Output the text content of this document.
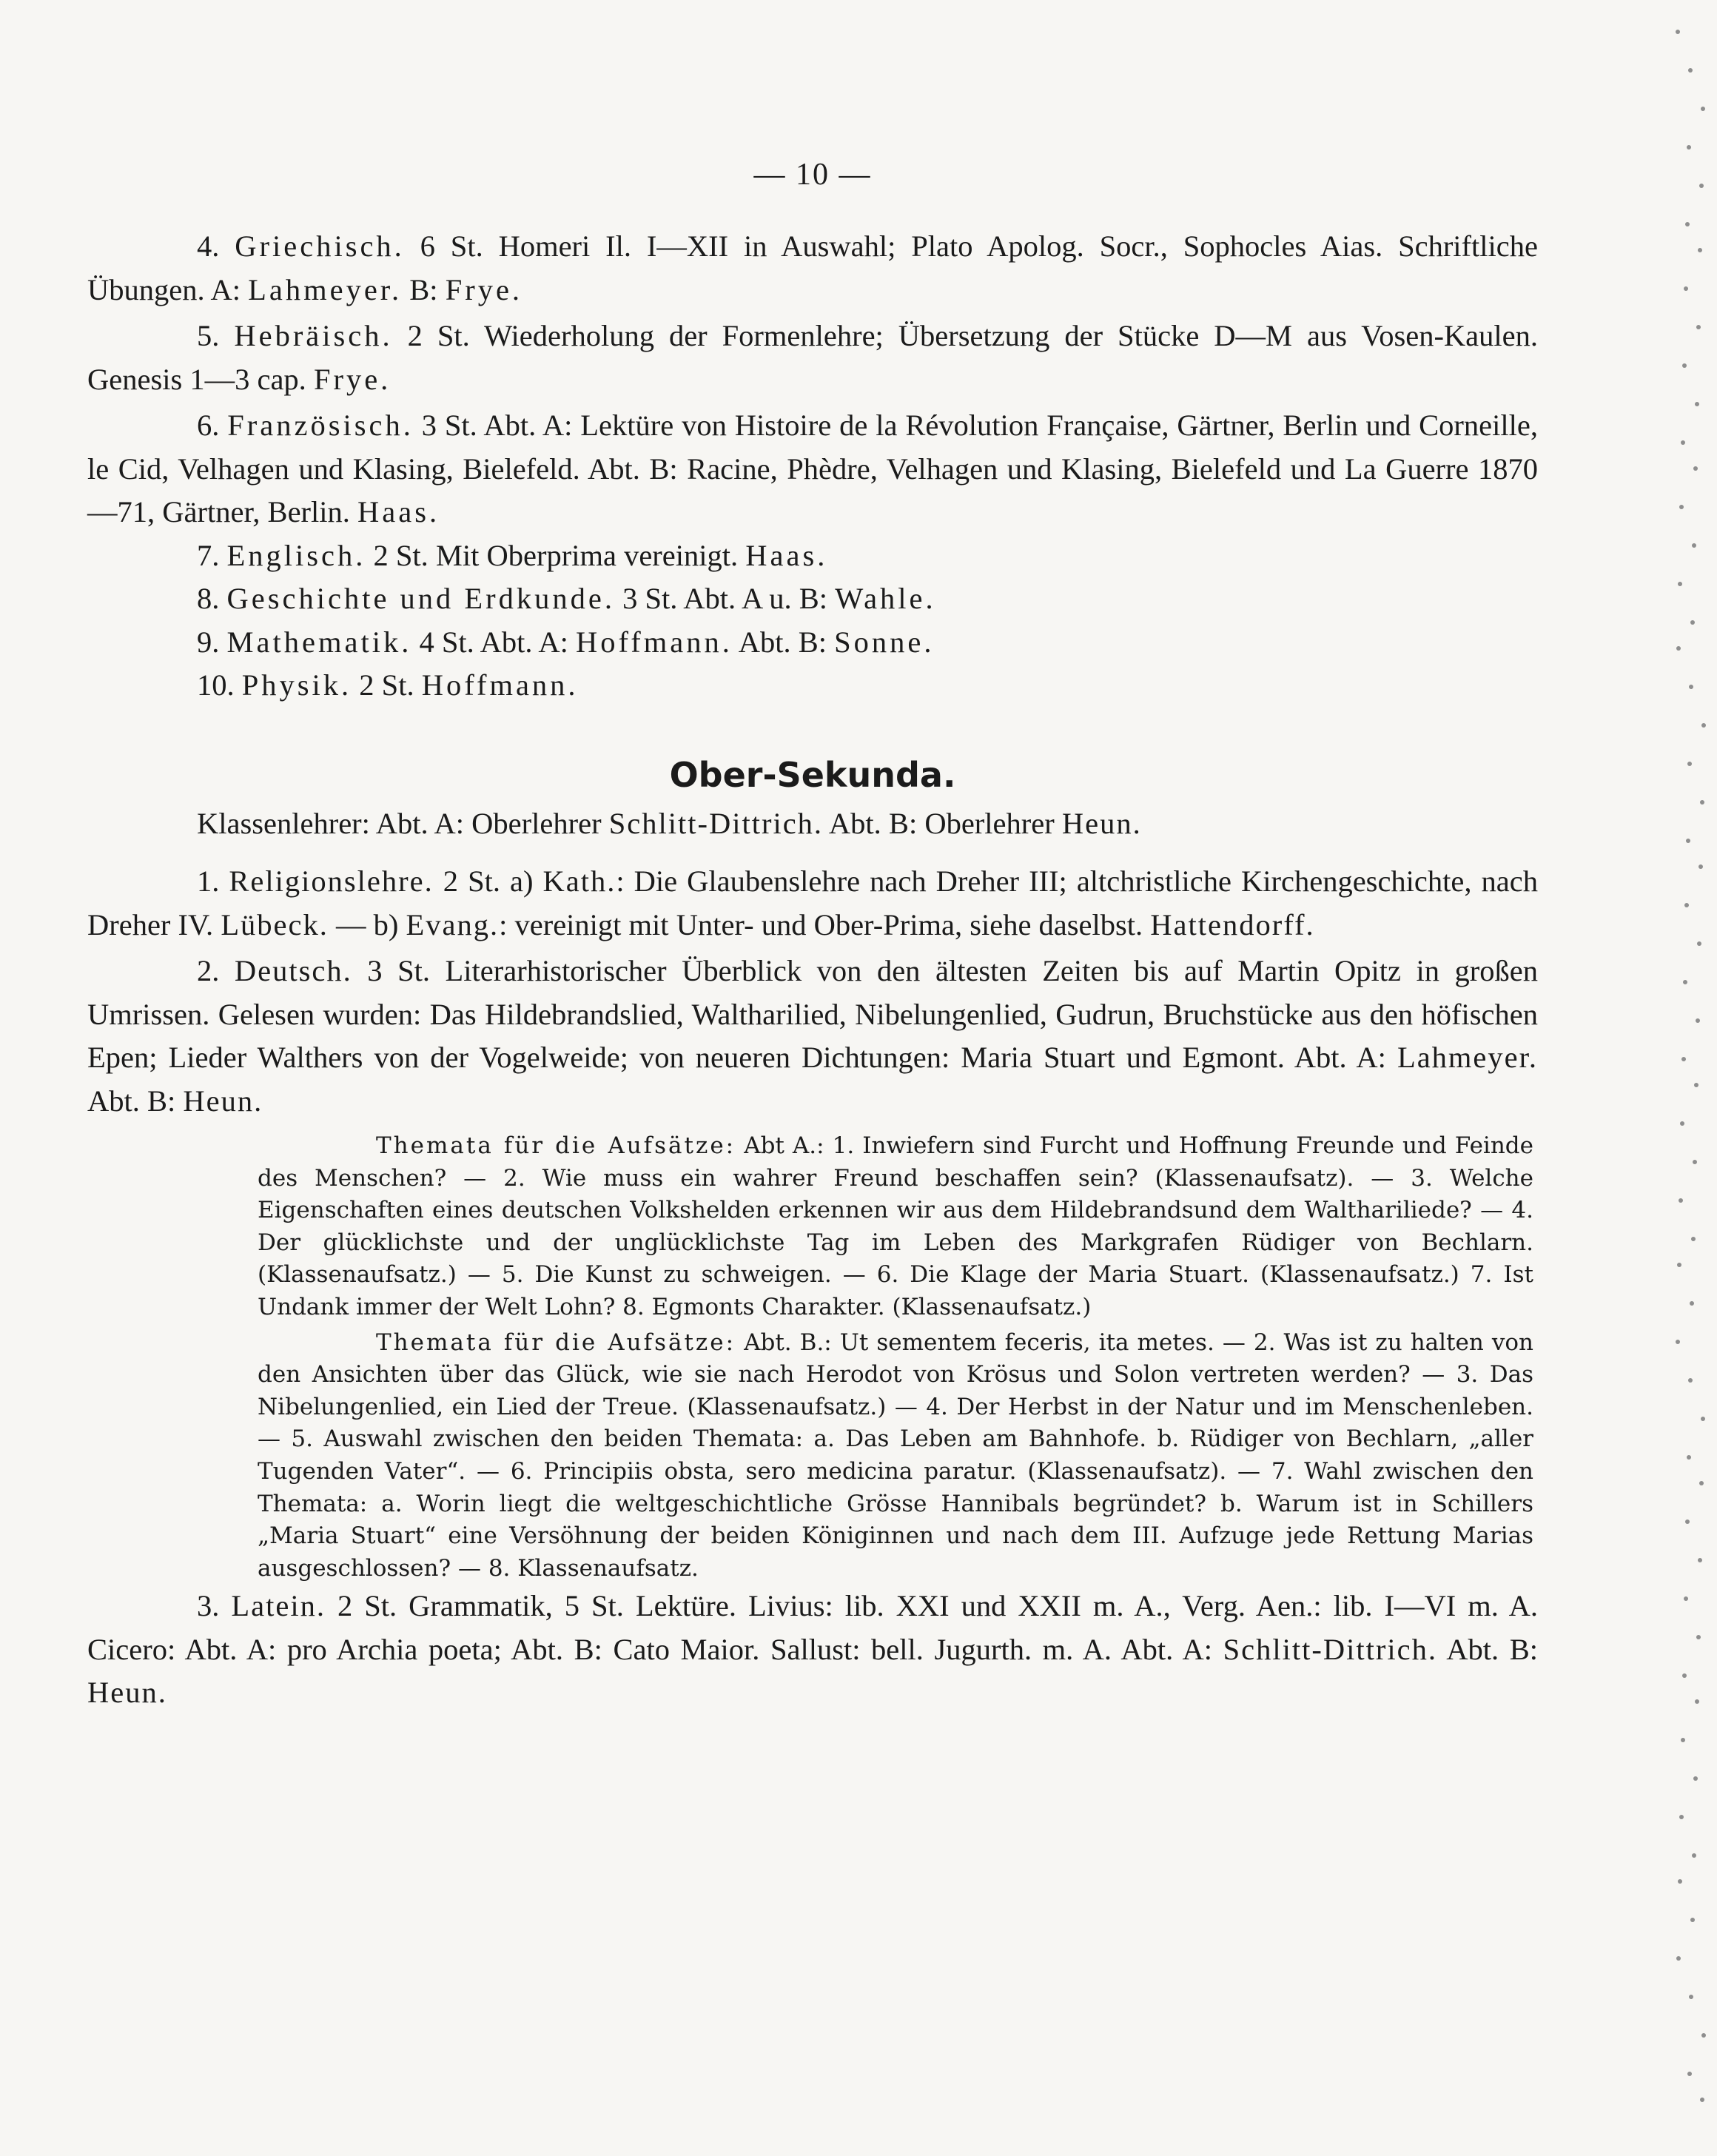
— 10 —

4. Griechisch. 6 St. Homeri Il. I—XII in Auswahl; Plato Apolog. Socr., Sophocles Aias. Schriftliche Übungen. A: Lahmeyer. B: Frye.

5. Hebräisch. 2 St. Wiederholung der Formenlehre; Übersetzung der Stücke D—M aus Vosen-Kaulen. Genesis 1—3 cap. Frye.

6. Französisch. 3 St. Abt. A: Lektüre von Histoire de la Révolution Française, Gärtner, Berlin und Corneille, le Cid, Velhagen und Klasing, Bielefeld. Abt. B: Racine, Phèdre, Velhagen und Klasing, Bielefeld und La Guerre 1870—71, Gärtner, Berlin. Haas.

7. Englisch. 2 St. Mit Oberprima vereinigt. Haas.

8. Geschichte und Erdkunde. 3 St. Abt. A u. B: Wahle.

9. Mathematik. 4 St. Abt. A: Hoffmann. Abt. B: Sonne.

10. Physik. 2 St. Hoffmann.

Ober-Sekunda.

Klassenlehrer: Abt. A: Oberlehrer Schlitt-Dittrich. Abt. B: Oberlehrer Heun.

1. Religionslehre. 2 St. a) Kath.: Die Glaubenslehre nach Dreher III; altchristliche Kirchengeschichte, nach Dreher IV. Lübeck. — b) Evang.: vereinigt mit Unter- und Ober-Prima, siehe daselbst. Hattendorff.

2. Deutsch. 3 St. Literarhistorischer Überblick von den ältesten Zeiten bis auf Martin Opitz in großen Umrissen. Gelesen wurden: Das Hildebrandslied, Waltharilied, Nibelungenlied, Gudrun, Bruchstücke aus den höfischen Epen; Lieder Walthers von der Vogelweide; von neueren Dichtungen: Maria Stuart und Egmont. Abt. A: Lahmeyer. Abt. B: Heun.

Themata für die Aufsätze: Abt A.: 1. Inwiefern sind Furcht und Hoffnung Freunde und Feinde des Menschen? — 2. Wie muss ein wahrer Freund beschaffen sein? (Klassenaufsatz). — 3. Welche Eigenschaften eines deutschen Volkshelden erkennen wir aus dem Hildebrandsund dem Walthariliede? — 4. Der glücklichste und der unglücklichste Tag im Leben des Markgrafen Rüdiger von Bechlarn. (Klassenaufsatz.) — 5. Die Kunst zu schweigen. — 6. Die Klage der Maria Stuart. (Klassenaufsatz.) 7. Ist Undank immer der Welt Lohn? 8. Egmonts Charakter. (Klassenaufsatz.)

Themata für die Aufsätze: Abt. B.: Ut sementem feceris, ita metes. — 2. Was ist zu halten von den Ansichten über das Glück, wie sie nach Herodot von Krösus und Solon vertreten werden? — 3. Das Nibelungenlied, ein Lied der Treue. (Klassenaufsatz.) — 4. Der Herbst in der Natur und im Menschenleben. — 5. Auswahl zwischen den beiden Themata: a. Das Leben am Bahnhofe. b. Rüdiger von Bechlarn, „aller Tugenden Vater“. — 6. Principiis obsta, sero medicina paratur. (Klassenaufsatz). — 7. Wahl zwischen den Themata: a. Worin liegt die weltgeschichtliche Grösse Hannibals begründet? b. Warum ist in Schillers „Maria Stuart“ eine Versöhnung der beiden Königinnen und nach dem III. Aufzuge jede Rettung Marias ausgeschlossen? — 8. Klassenaufsatz.

3. Latein. 2 St. Grammatik, 5 St. Lektüre. Livius: lib. XXI und XXII m. A., Verg. Aen.: lib. I—VI m. A. Cicero: Abt. A: pro Archia poeta; Abt. B: Cato Maior. Sallust: bell. Jugurth. m. A. Abt. A: Schlitt-Dittrich. Abt. B: Heun.
